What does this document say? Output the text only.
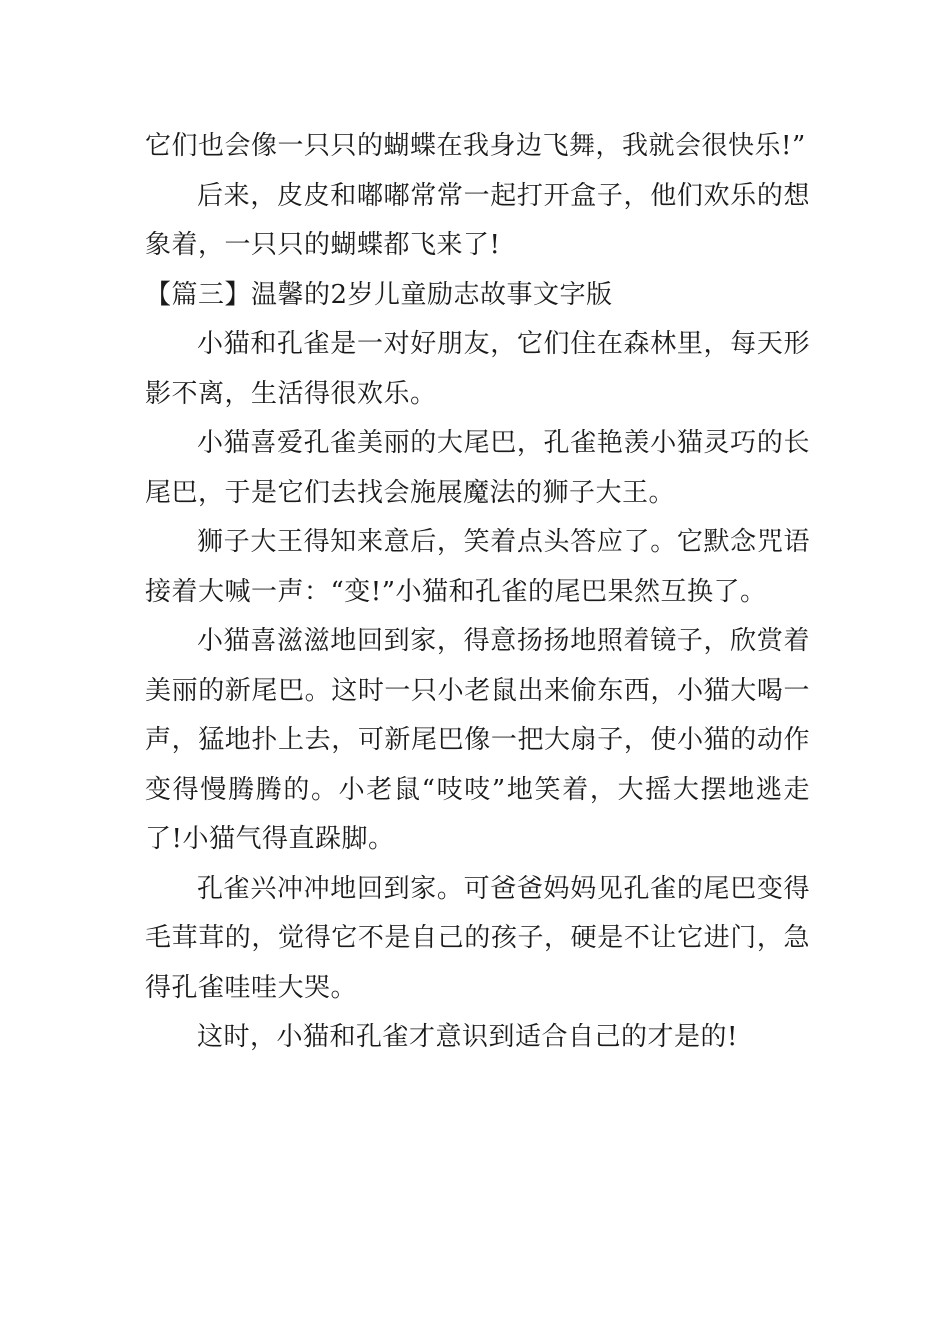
它们也会像一只只的蝴蝶在我身边飞舞，我就会很快乐!”

后来，皮皮和嘟嘟常常一起打开盒子，他们欢乐的想象着，一只只的蝴蝶都飞来了!

【篇三】温馨的2岁儿童励志故事文字版

小猫和孔雀是一对好朋友，它们住在森林里，每天形影不离，生活得很欢乐。

小猫喜爱孔雀美丽的大尾巴，孔雀艳羡小猫灵巧的长尾巴，于是它们去找会施展魔法的狮子大王。

狮子大王得知来意后，笑着点头答应了。它默念咒语接着大喊一声：“变!”小猫和孔雀的尾巴果然互换了。

小猫喜滋滋地回到家，得意扬扬地照着镜子，欣赏着美丽的新尾巴。这时一只小老鼠出来偷东西，小猫大喝一声，猛地扑上去，可新尾巴像一把大扇子，使小猫的动作变得慢腾腾的。小老鼠“吱吱”地笑着，大摇大摆地逃走了!小猫气得直跺脚。

孔雀兴冲冲地回到家。可爸爸妈妈见孔雀的尾巴变得毛茸茸的，觉得它不是自己的孩子，硬是不让它进门，急得孔雀哇哇大哭。

这时，小猫和孔雀才意识到适合自己的才是的!
